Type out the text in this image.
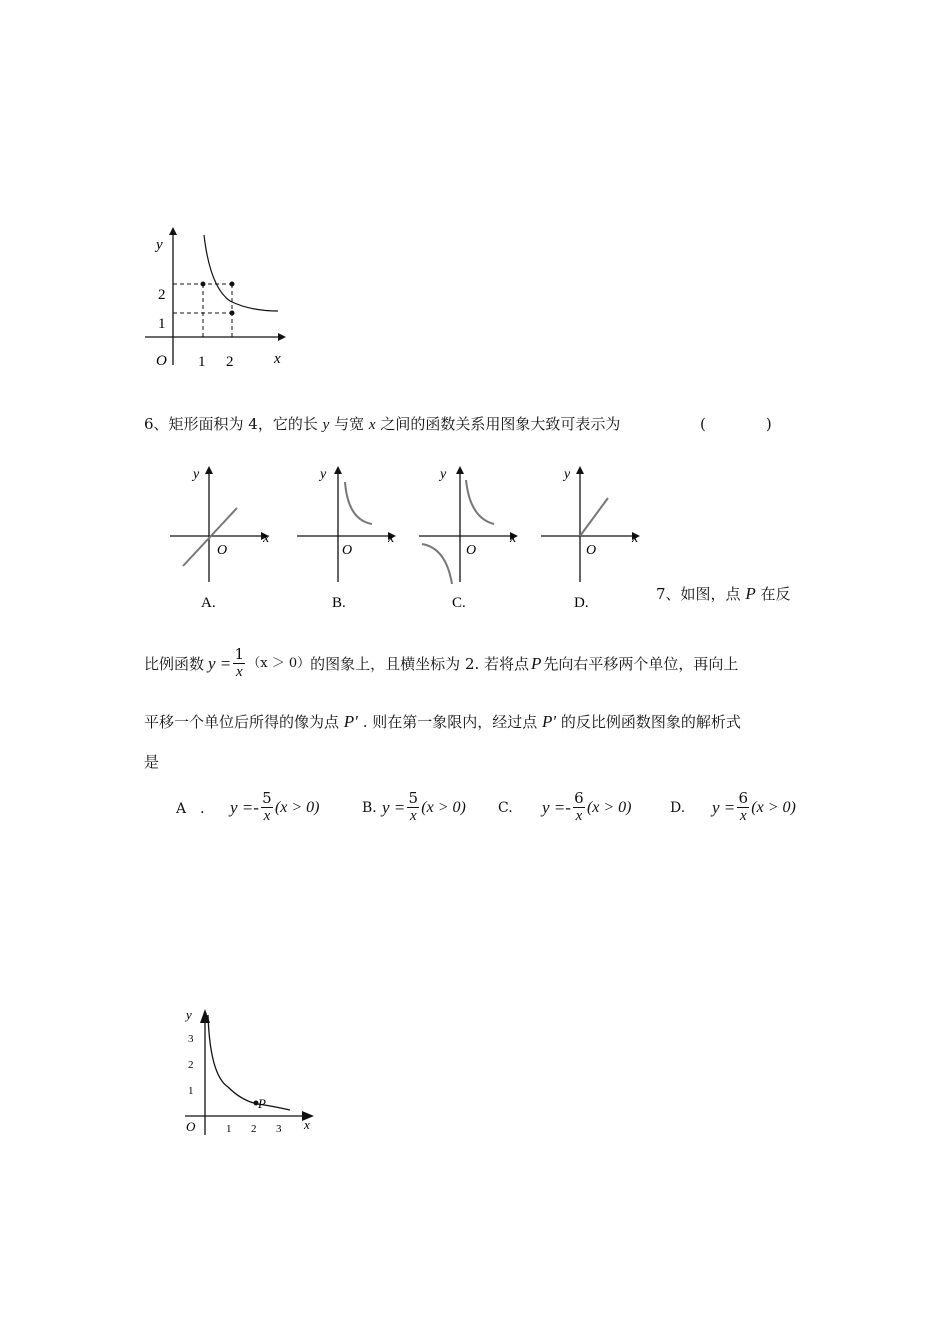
y
x
O
2
1
1 2
6、矩形面积为 4，它的长 y 与宽 x 之间的函数关系用图象大致可表示为	(　　　　)
y
x
O
A.
y
x
O
B.
y
x
O
C.
y
x
O
D.	7、如图，点 P 在反
比例函数 $y = \frac{1}{x} (x > 0)$ 的图象上，且横坐标为 2. 若将点 P 先向右平移两个单位，再向上
平移一个单位后所得的像为点 P′ . 则在第一象限内，经过点 P′ 的反比例函数图象的解析式
是
A　． $y =- \frac{5}{x} (x > 0)$	B. $y = \frac{5}{x} (x > 0)$ C.	$y =- \frac{6}{x} (x > 0)$	D.	$y = \frac{6}{x} (x > 0)$
y
x
O
3
2
1
1 2 3
P
